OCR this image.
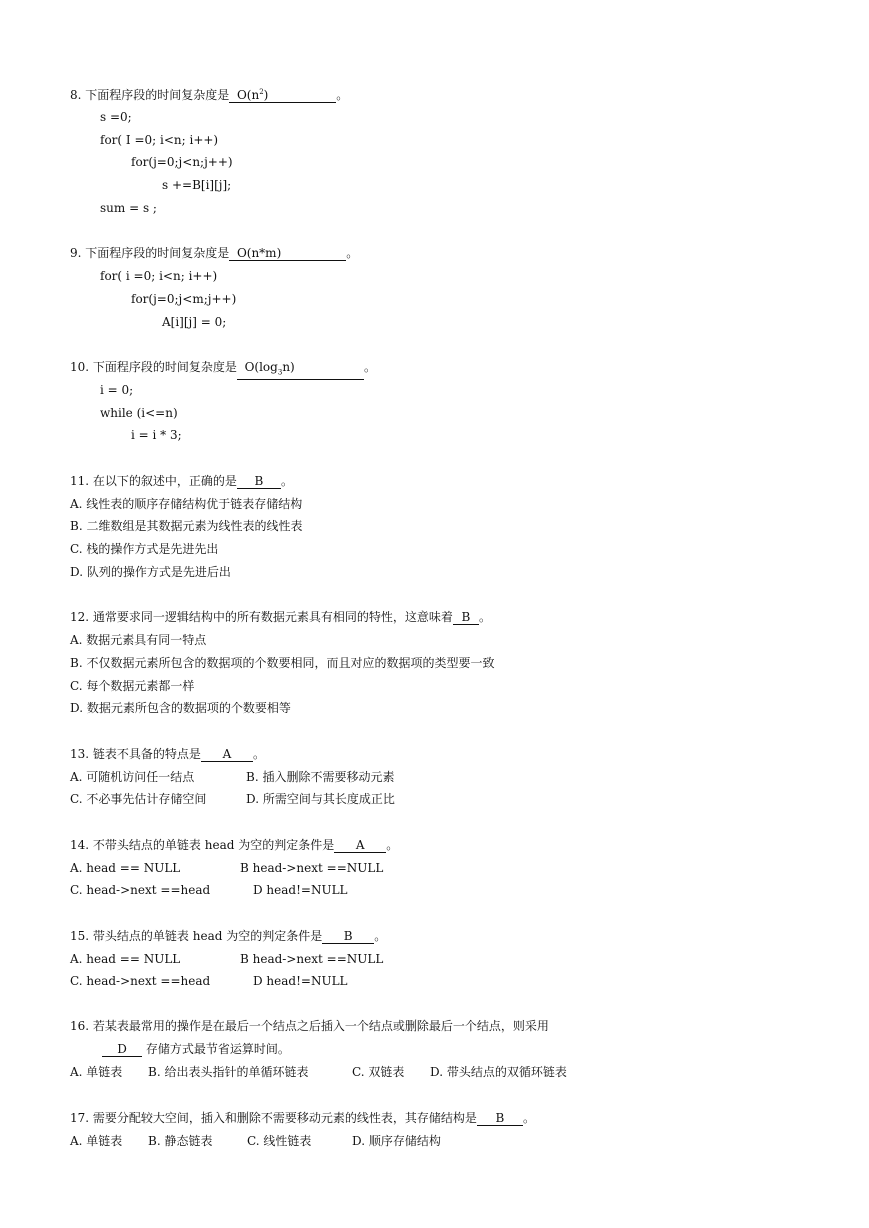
8. 下面程序段的时间复杂度是 $O(n^2)$	。
s =0;
for( I =0; i<n; i++)
for(j=0;j<n;j++)
s +=B[i][j];
sum = s ;
9. 下面程序段的时间复杂度是 O(n*m)	。
for( i =0; i<n; i++)
for(j=0;j<m;j++)
A[i][j] = 0;
10. 下面程序段的时间复杂度是 $O(\log_3n)$	。
i = 0;
while (i<=n)
i = i * 3;
11. 在以下的叙述中，正确的是 B 。
A. 线性表的顺序存储结构优于链表存储结构
B. 二维数组是其数据元素为线性表的线性表
C. 栈的操作方式是先进先出
D. 队列的操作方式是先进后出
12. 通常要求同一逻辑结构中的所有数据元素具有相同的特性，这意味着 B 。
A. 数据元素具有同一特点
B. 不仅数据元素所包含的数据项的个数要相同，而且对应的数据项的类型要一致
C. 每个数据元素都一样
D. 数据元素所包含的数据项的个数要相等
13. 链表不具备的特点是 A 。
A. 可随机访问任一结点	B. 插入删除不需要移动元素
C. 不必事先估计存储空间	D. 所需空间与其长度成正比
14. 不带头结点的单链表 head 为空的判定条件是 A 。
A. head == NULL	B head->next ==NULL
C. head->next ==head	D head!=NULL
15. 带头结点的单链表 head 为空的判定条件是 B 。
A. head == NULL	B head->next ==NULL
C. head->next ==head	D head!=NULL
16. 若某表最常用的操作是在最后一个结点之后插入一个结点或删除最后一个结点，则采用
D 存储方式最节省运算时间。
A. 单链表 B. 给出表头指针的单循环链表	C. 双链表 D. 带头结点的双循环链表
17. 需要分配较大空间，插入和删除不需要移动元素的线性表，其存储结构是 B 。
A. 单链表 B. 静态链表	C. 线性链表	D. 顺序存储结构
